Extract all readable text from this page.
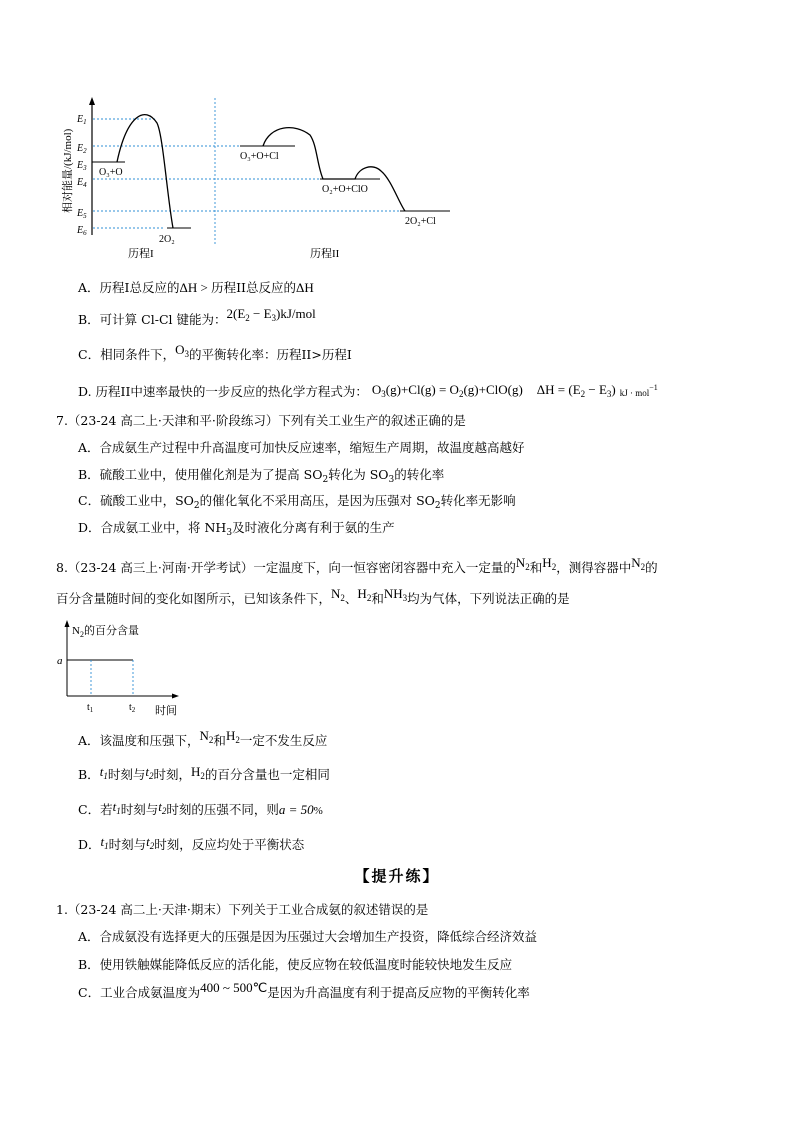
相对能量/(kJ/mol)
$E_1$
$E_2$
$E_3$
$E_4$
$E_5$
$E_6$
O₃+O
2O₂
O₃+O+Cl
O₂+O+ClO
2O₂+Cl
历程I	历程II
A．历程I总反应的ΔH > 历程II总反应的ΔH
B．可计算 Cl-Cl 键能为：$2(E_2 - E_3)kJ/mol$
C．相同条件下，$O_3$的平衡转化率：历程II>历程I
D. 历程II中速率最快的一步反应的热化学方程式为： $O_3(g)+Cl(g) = O_2(g)+ClO(g) \Delta H = (E_2 - E_3)$ kJ · mol−1
7.（23-24 高二上·天津和平·阶段练习）下列有关工业生产的叙述正确的是
A．合成氨生产过程中升高温度可加快反应速率，缩短生产周期，故温度越高越好
B．硫酸工业中，使用催化剂是为了提高 $SO_2$转化为 $SO_3$的转化率
C．硫酸工业中，$SO_2$的催化氧化不采用高压，是因为压强对 $SO_2$转化率无影响
D．合成氨工业中，将 $NH_3$及时液化分离有利于氨的生产
8.（23-24 高三上·河南·开学考试）一定温度下，向一恒容密闭容器中充入一定量的$N_2$和$H_2$，测得容器中$N_2$的
百分含量随时间的变化如图所示，已知该条件下，$N_2$、$H_2$和$NH_3$均为气体，下列说法正确的是
$N_2$的百分含量
a
$t_1$	$t_2$ 时间
A．该温度和压强下，$N_2$和$H_2$一定不发生反应
B．$t_1$时刻与$t_2$时刻，$H_2$的百分含量也一定相同
C．若$t_1$时刻与$t_2$时刻的压强不同，则a = 50%
D．$t_1$时刻与$t_2$时刻，反应均处于平衡状态
【提升练】
1.（23-24 高二上·天津·期末）下列关于工业合成氨的叙述错误的是
A．合成氨没有选择更大的压强是因为压强过大会增加生产投资，降低综合经济效益
B．使用铁触媒能降低反应的活化能，使反应物在较低温度时能较快地发生反应
C．工业合成氨温度为400 ~ 500℃是因为升高温度有利于提高反应物的平衡转化率
